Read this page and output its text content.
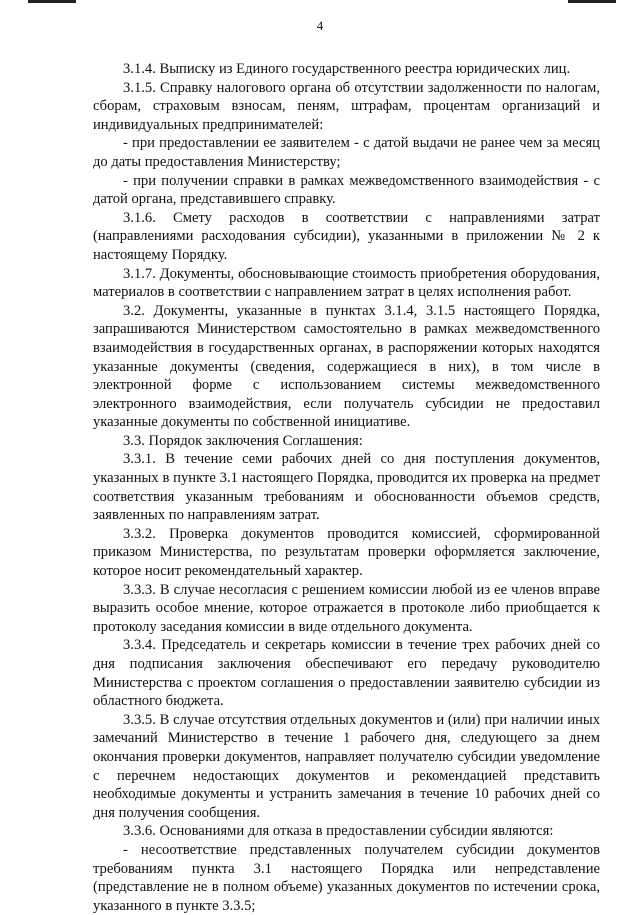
4

3.1.4. Выписку из Единого государственного реестра юридических лиц.

3.1.5. Справку налогового органа об отсутствии задолженности по налогам, сборам, страховым взносам, пеням, штрафам, процентам организаций и индивидуальных предпринимателей:

- при предоставлении ее заявителем - с датой выдачи не ранее чем за месяц до даты предоставления Министерству;

- при получении справки в рамках межведомственного взаимодействия - с датой органа, представившего справку.

3.1.6. Смету расходов в соответствии с направлениями затрат (направлениями расходования субсидии), указанными в приложении № 2 к настоящему Порядку.

3.1.7. Документы, обосновывающие стоимость приобретения оборудования, материалов в соответствии с направлением затрат в целях исполнения работ.

3.2. Документы, указанные в пунктах 3.1.4, 3.1.5 настоящего Порядка, запрашиваются Министерством самостоятельно в рамках межведомственного взаимодействия в государственных органах, в распоряжении которых находятся указанные документы (сведения, содержащиеся в них), в том числе в электронной форме с использованием системы межведомственного электронного взаимодействия, если получатель субсидии не предоставил указанные документы по собственной инициативе.

3.3. Порядок заключения Соглашения:

3.3.1. В течение семи рабочих дней со дня поступления документов, указанных в пункте 3.1 настоящего Порядка, проводится их проверка на предмет соответствия указанным требованиям и обоснованности объемов средств, заявленных по направлениям затрат.

3.3.2. Проверка документов проводится комиссией, сформированной приказом Министерства, по результатам проверки оформляется заключение, которое носит рекомендательный характер.

3.3.3. В случае несогласия с решением комиссии любой из ее членов вправе выразить особое мнение, которое отражается в протоколе либо приобщается к протоколу заседания комиссии в виде отдельного документа.

3.3.4. Председатель и секретарь комиссии в течение трех рабочих дней со дня подписания заключения обеспечивают его передачу руководителю Министерства с проектом соглашения о предоставлении заявителю субсидии из областного бюджета.

3.3.5. В случае отсутствия отдельных документов и (или) при наличии иных замечаний Министерство в течение 1 рабочего дня, следующего за днем окончания проверки документов, направляет получателю субсидии уведомление с перечнем недостающих документов и рекомендацией представить необходимые документы и устранить замечания в течение 10 рабочих дней со дня получения сообщения.

3.3.6. Основаниями для отказа в предоставлении субсидии являются:

- несоответствие представленных получателем субсидии документов требованиям пункта 3.1 настоящего Порядка или непредставление (представление не в полном объеме) указанных документов по истечении срока, указанного в пункте 3.3.5;
